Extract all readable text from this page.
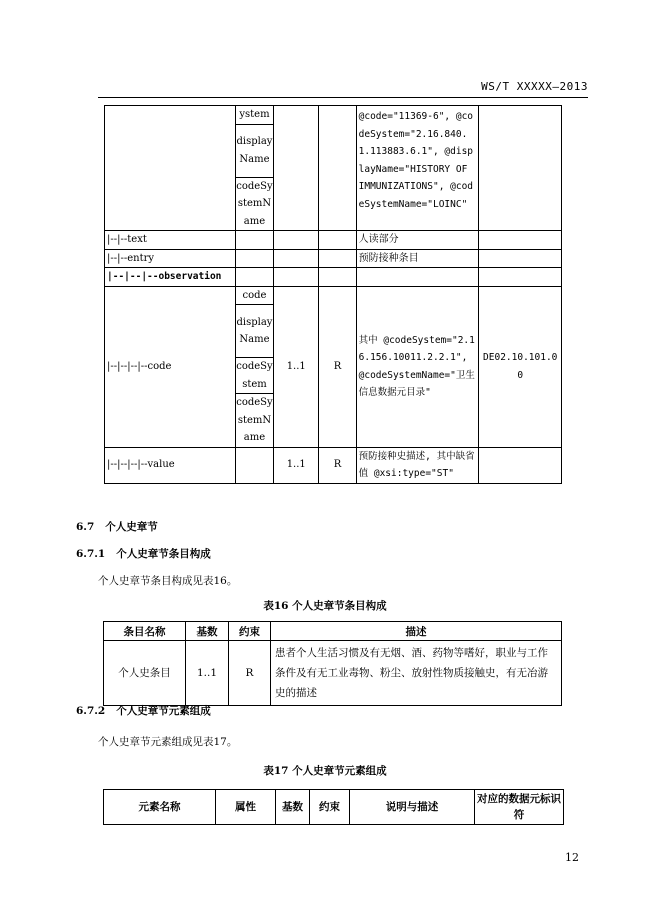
WS/T XXXXX—2013
	ystem			@code="11369-6", @codeSystem="2.16.840.1.113883.6.1", @displayName="HISTORY OF IMMUNIZATIONS", @codeSystemName="LOINC"	
	displayName				
	codeSystemName				
|--|--text				人读部分	
|--|--entry				预防接种条目	
|--|--|--observation					
|--|--|--|--code	code	1..1	R	其中 @codeSystem="2.16.156.10011.2.2.1", @codeSystemName="卫生信息数据元目录"	DE02.10.101.00
	displayName				
	codeSystem				
	codeSystemName				
|--|--|--|--value		1..1	R	预防接种史描述, 其中缺省值 @xsi:type="ST"	
6.7 个人史章节
6.7.1 个人史章节条目构成
个人史章节条目构成见表16。
表16 个人史章节条目构成
条目名称	基数	约束	描述
个人史条目	1..1	R	患者个人生活习惯及有无烟、酒、药物等嗜好，职业与工作条件及有无工业毒物、粉尘、放射性物质接触史，有无冶游史的描述
6.7.2 个人史章节元素组成
个人史章节元素组成见表17。
表17 个人史章节元素组成
元素名称	属性	基数	约束	说明与描述	对应的数据元标识符
12
